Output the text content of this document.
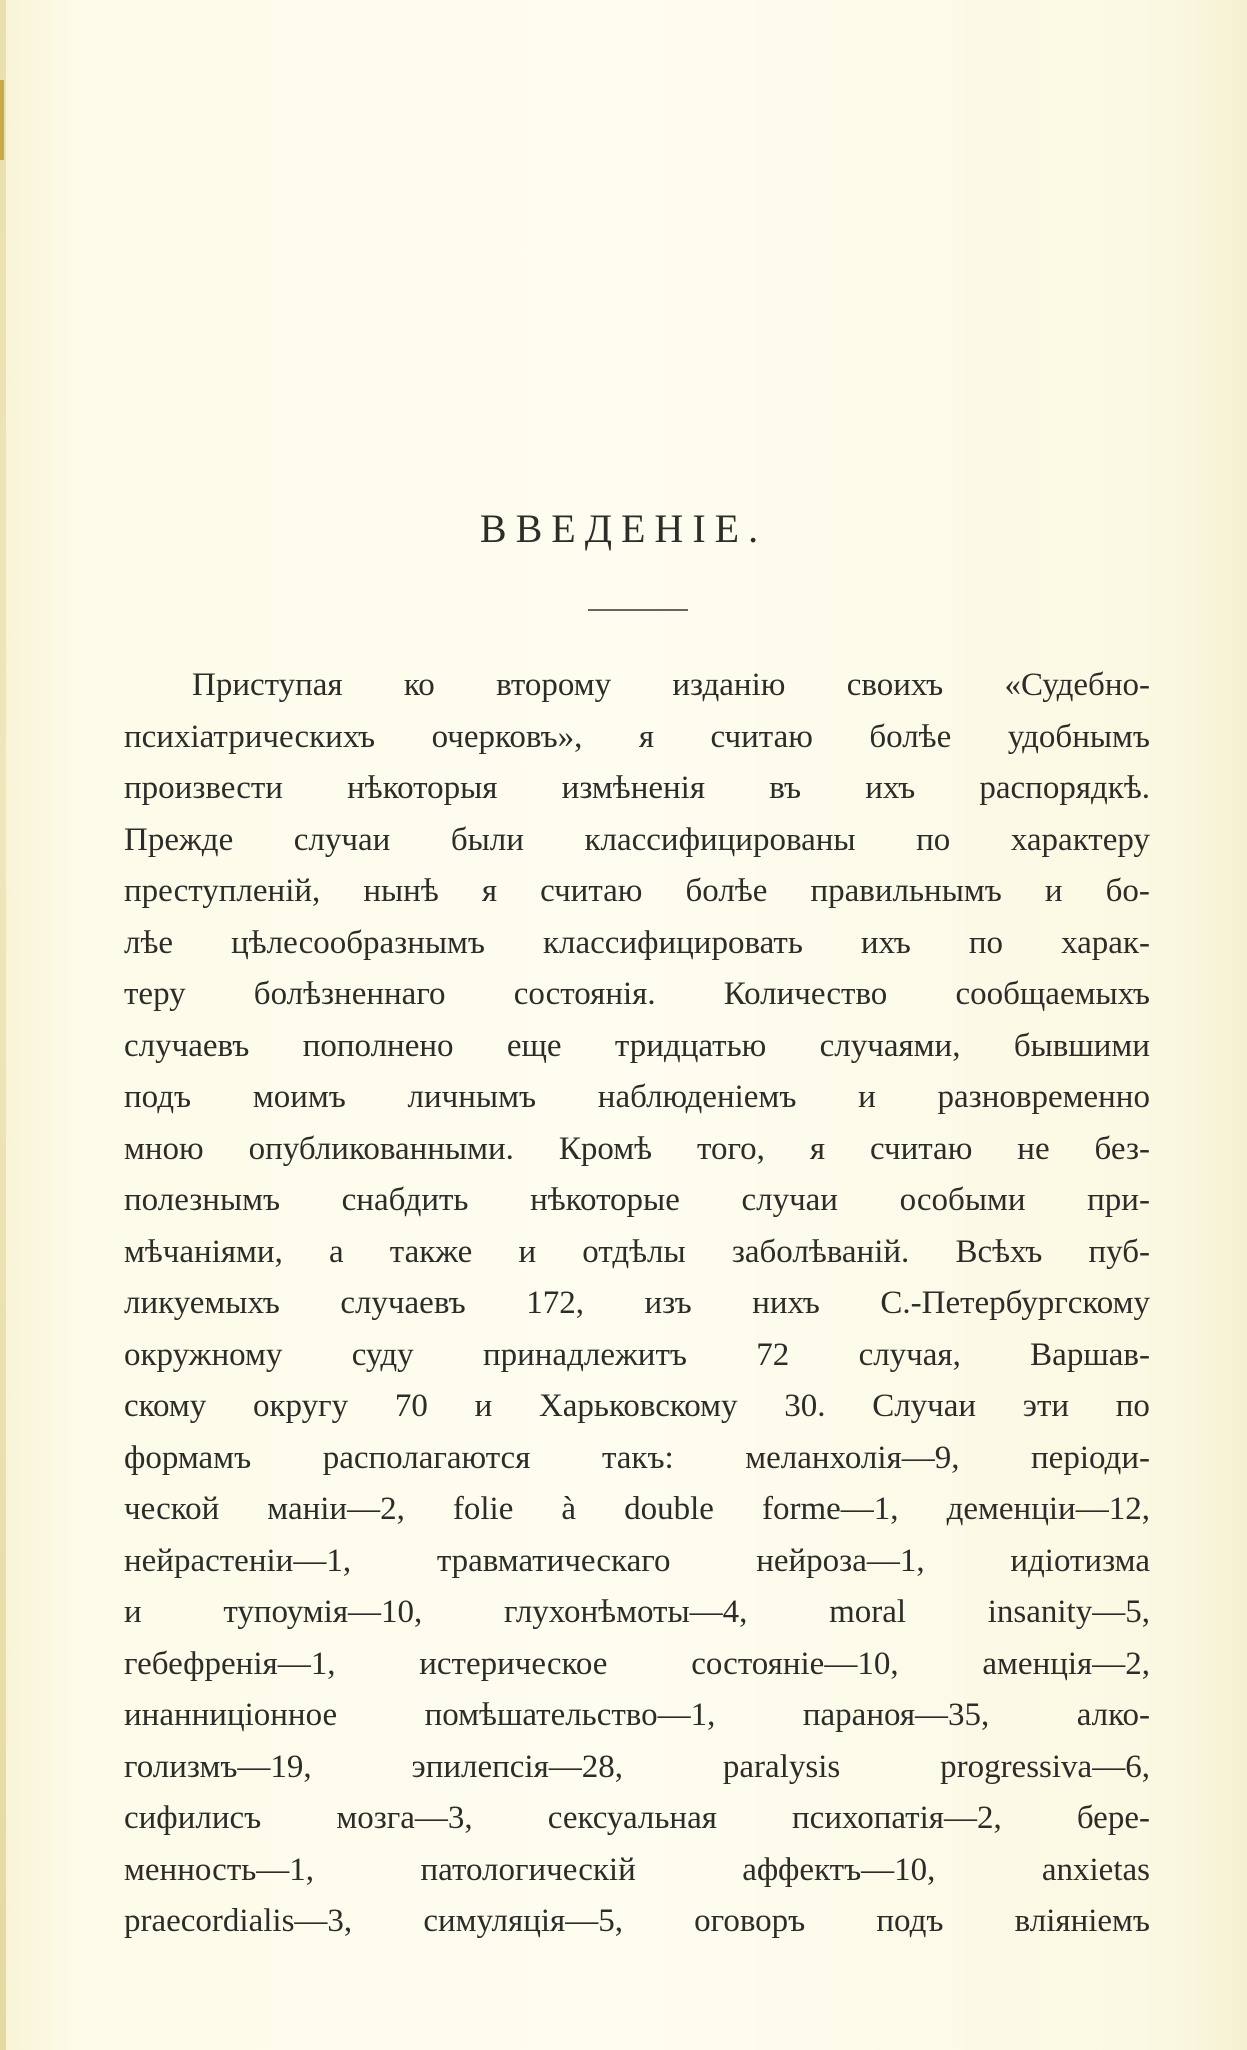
ВВЕДЕНІЕ.
Приступая ко второму изданію своихъ «Судебно-
психіатрическихъ очерковъ», я считаю болѣе удобнымъ
произвести нѣкоторыя измѣненія въ ихъ распорядкѣ.
Прежде случаи были классифицированы по характеру
преступленій, нынѣ я считаю болѣе правильнымъ и бо-
лѣе цѣлесообразнымъ классифицировать ихъ по харак-
теру болѣзненнаго состоянія. Количество сообщаемыхъ
случаевъ пополнено еще тридцатью случаями, бывшими
подъ моимъ личнымъ наблюденіемъ и разновременно
мною опубликованными. Кромѣ того, я считаю не без-
полезнымъ снабдить нѣкоторые случаи особыми при-
мѣчаніями, а также и отдѣлы заболѣваній. Всѣхъ пуб-
ликуемыхъ случаевъ 172, изъ нихъ С.-Петербургскому
окружному суду принадлежитъ 72 случая, Варшав-
скому округу 70 и Харьковскому 30. Случаи эти по
формамъ располагаются такъ: меланхолія—9, періоди-
ческой маніи—2, folie à double forme—1, деменціи—12,
нейрастеніи—1,	травматическаго	нейроза—1,	идіотизма
и тупоумія—10, глухонѣмоты—4, moral insanity—5,
гебефренія—1,	истерическое	состояніе—10,	аменція—2,
инанниціонное	помѣшательство—1,	параноя—35,	алко-
голизмъ—19,	эпилепсія—28,	paralysis	progressiva—6,
сифилисъ мозга—3, сексуальная психопатія—2, бере-
менность—1,	патологическій	аффектъ—10,	anxietas
praecordialis—3, симуляція—5, оговоръ подъ вліяніемъ
